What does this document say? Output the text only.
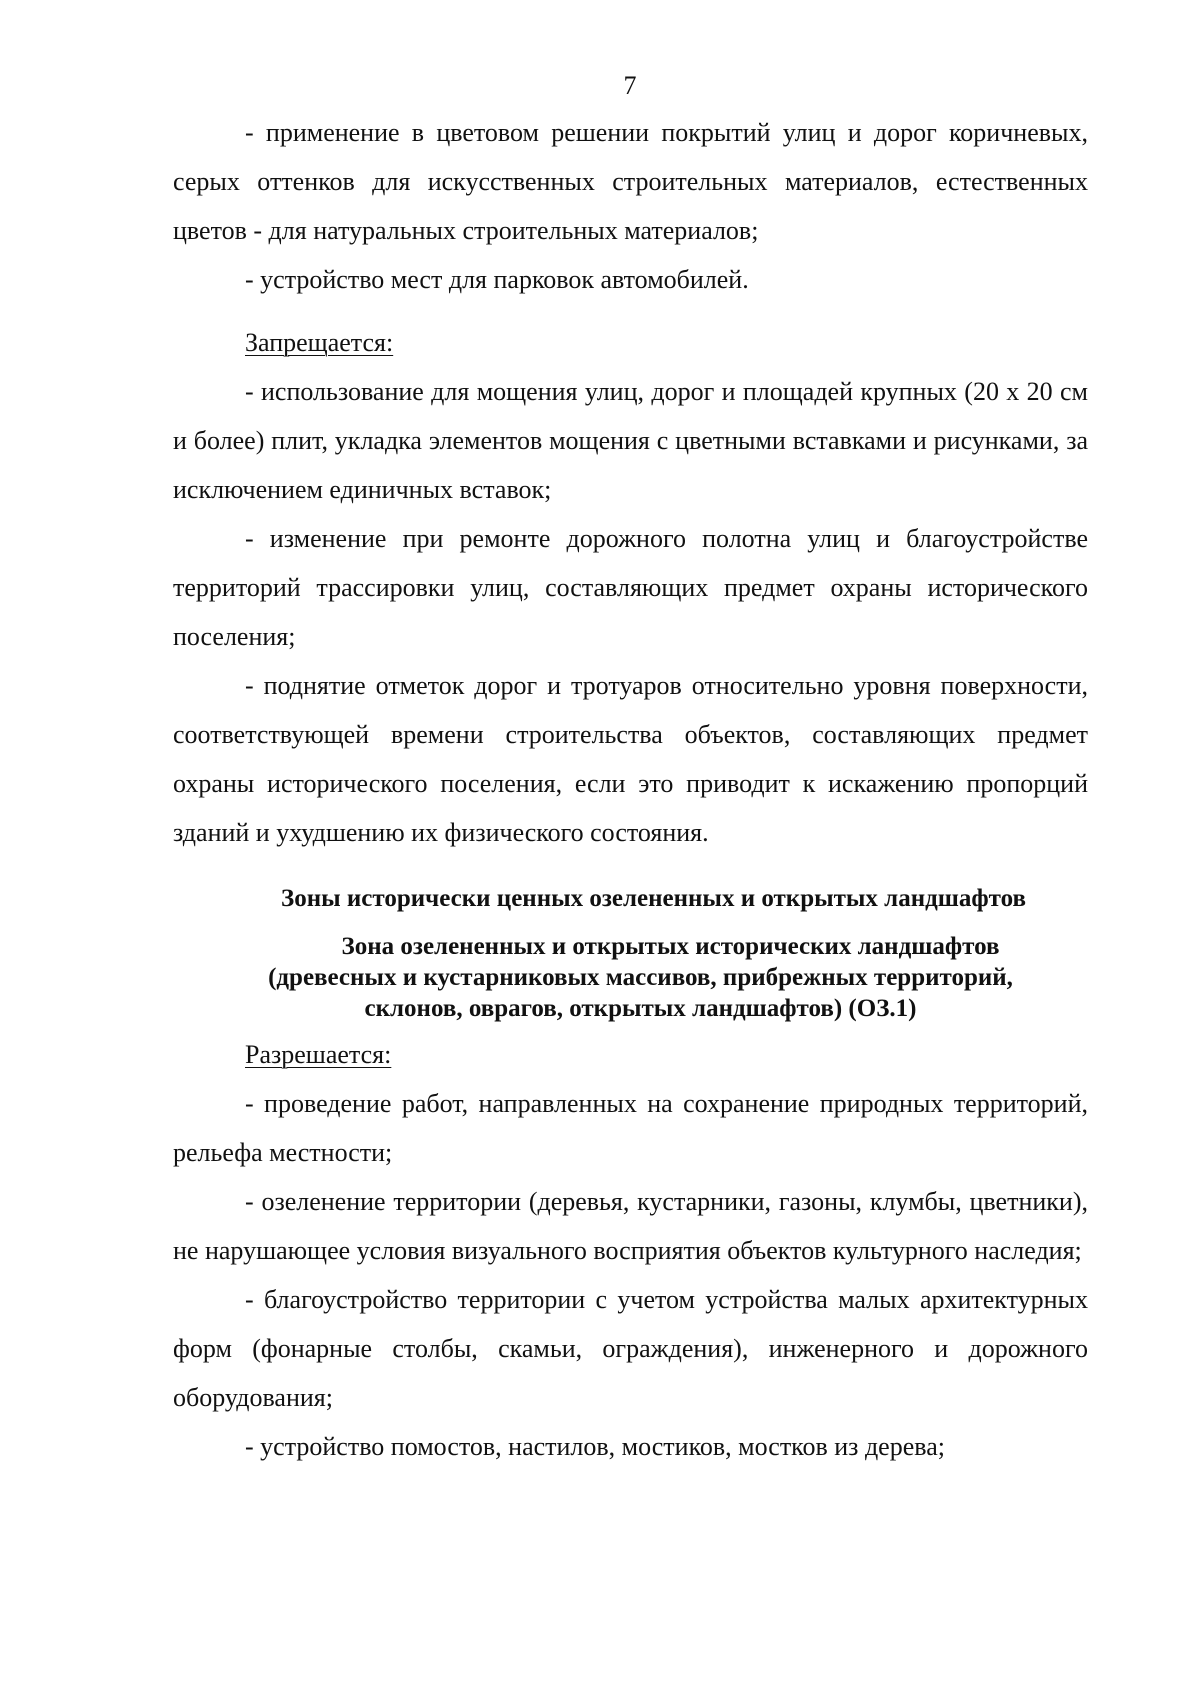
7

- применение в цветовом решении покрытий улиц и дорог коричневых, серых оттенков для искусственных строительных материалов, естественных цветов - для натуральных строительных материалов;

- устройство мест для парковок автомобилей.

Запрещается:

- использование для мощения улиц, дорог и площадей крупных (20 х 20 см и более) плит, укладка элементов мощения с цветными вставками и рисунками, за исключением единичных вставок;

- изменение при ремонте дорожного полотна улиц и благоустройстве территорий трассировки улиц, составляющих предмет охраны исторического поселения;

- поднятие отметок дорог и тротуаров относительно уровня поверхности, соответствующей времени строительства объектов, составляющих предмет охраны исторического поселения, если это приводит к искажению пропорций зданий и ухудшению их физического состояния.

Зоны исторически ценных озелененных и открытых ландшафтов
Зона озелененных и открытых исторических ландшафтов
(древесных и кустарниковых массивов, прибрежных территорий,
склонов, оврагов, открытых ландшафтов) (ОЗ.1)

Разрешается:

- проведение работ, направленных на сохранение природных территорий, рельефа местности;

- озеленение территории (деревья, кустарники, газоны, клумбы, цветники), не нарушающее условия визуального восприятия объектов культурного наследия;

- благоустройство территории с учетом устройства малых архитектурных форм (фонарные столбы, скамьи, ограждения), инженерного и дорожного оборудования;

- устройство помостов, настилов, мостиков, мостков из дерева;
